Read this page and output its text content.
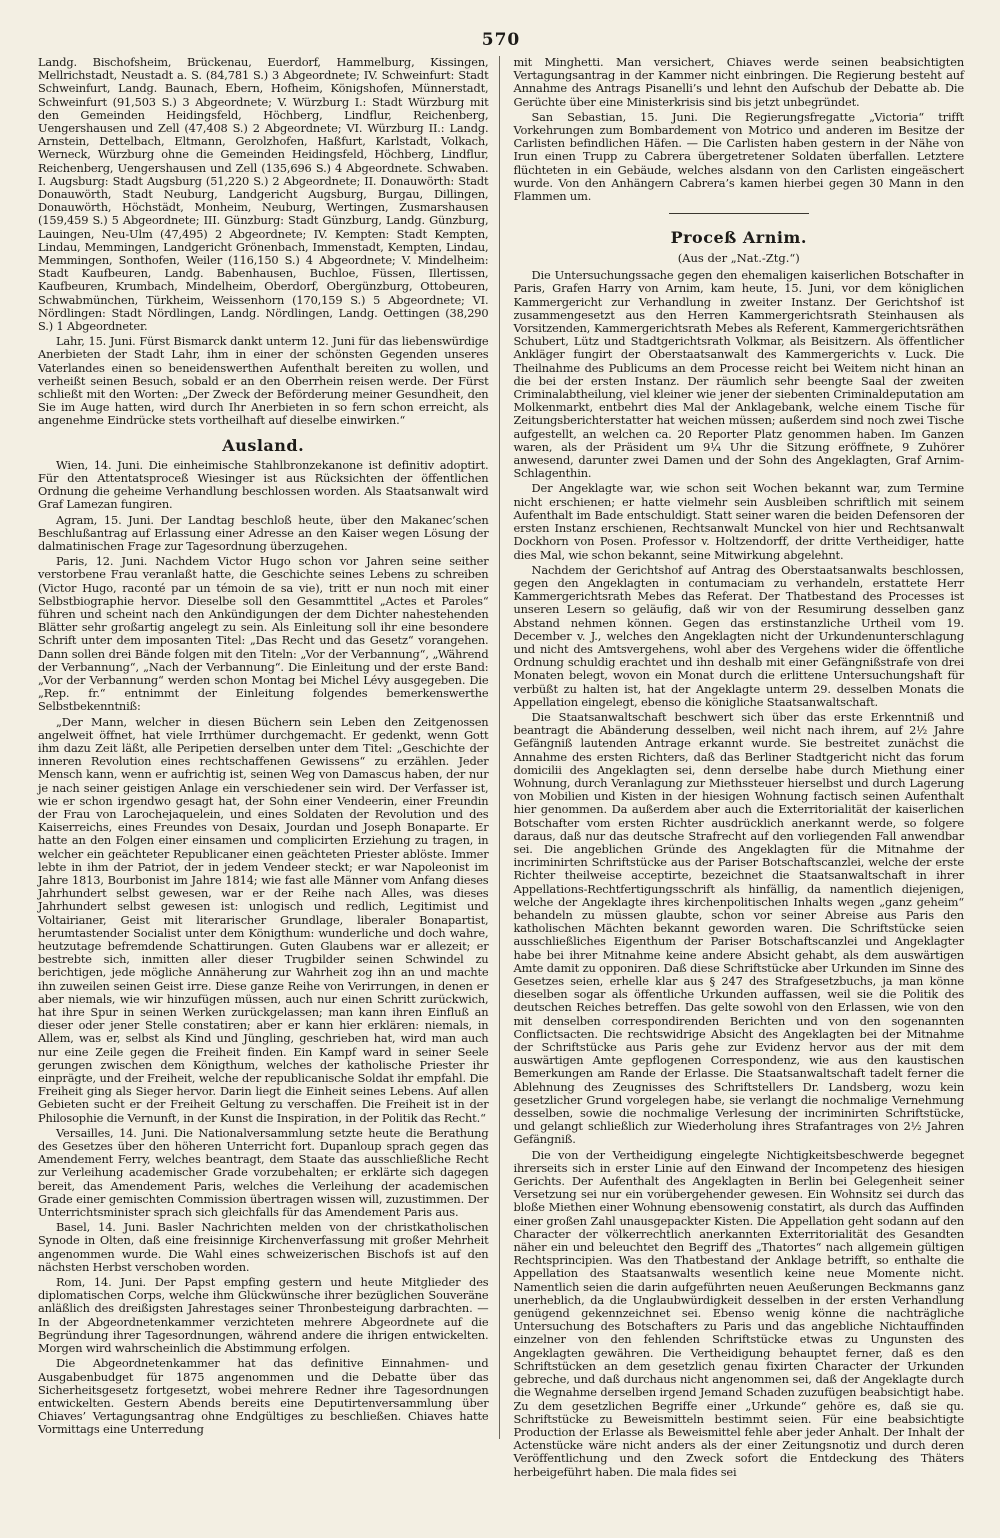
570

Landg. Bischofsheim, Brückenau, Euerdorf, Hammelburg, Kissingen, Mellrichstadt, Neustadt a. S. (84,781 S.) 3 Abgeordnete; IV. Schweinfurt: Stadt Schweinfurt, Landg. Baunach, Ebern, Hofheim, Königshofen, Münnerstadt, Schweinfurt (91,503 S.) 3 Abgeordnete; V. Würzburg I.: Stadt Würzburg mit den Gemeinden Heidingsfeld, Höchberg, Lindflur, Reichenberg, Uengershausen und Zell (47,408 S.) 2 Abgeordnete; VI. Würzburg II.: Landg. Arnstein, Dettelbach, Eltmann, Gerolzhofen, Haßfurt, Karlstadt, Volkach, Werneck, Würzburg ohne die Gemeinden Heidingsfeld, Höchberg, Lindflur, Reichenberg, Uengershausen und Zell (135,696 S.) 4 Abgeordnete. Schwaben. I. Augsburg: Stadt Augsburg (51,220 S.) 2 Abgeordnete; II. Donauwörth: Stadt Donauwörth, Stadt Neuburg, Landgericht Augsburg, Burgau, Dillingen, Donauwörth, Höchstädt, Monheim, Neuburg, Wertingen, Zusmarshausen (159,459 S.) 5 Abgeordnete; III. Günzburg: Stadt Günzburg, Landg. Günzburg, Lauingen, Neu-Ulm (47,495) 2 Abgeordnete; IV. Kempten: Stadt Kempten, Lindau, Memmingen, Landgericht Grönenbach, Immenstadt, Kempten, Lindau, Memmingen, Sonthofen, Weiler (116,150 S.) 4 Abgeordnete; V. Mindelheim: Stadt Kaufbeuren, Landg. Babenhausen, Buchloe, Füssen, Illertissen, Kaufbeuren, Krumbach, Mindelheim, Oberdorf, Obergünzburg, Ottobeuren, Schwabmünchen, Türkheim, Weissenhorn (170,159 S.) 5 Abgeordnete; VI. Nördlingen: Stadt Nördlingen, Landg. Nördlingen, Landg. Oettingen (38,290 S.) 1 Abgeordneter.

Lahr, 15. Juni. Fürst Bismarck dankt unterm 12. Juni für das liebenswürdige Anerbieten der Stadt Lahr, ihm in einer der schönsten Gegenden unseres Vaterlandes einen so beneidenswerthen Aufenthalt bereiten zu wollen, und verheißt seinen Besuch, sobald er an den Oberrhein reisen werde. Der Fürst schließt mit den Worten: „Der Zweck der Beförderung meiner Gesundheit, den Sie im Auge hatten, wird durch Ihr Anerbieten in so fern schon erreicht, als angenehme Eindrücke stets vortheilhaft auf dieselbe einwirken.“

Ausland.

Wien, 14. Juni. Die einheimische Stahlbronzekanone ist definitiv adoptirt. Für den Attentatsproceß Wiesinger ist aus Rücksichten der öffentlichen Ordnung die geheime Verhandlung beschlossen worden. Als Staatsanwalt wird Graf Lamezan fungiren.

Agram, 15. Juni. Der Landtag beschloß heute, über den Makanec’schen Beschlußantrag auf Erlassung einer Adresse an den Kaiser wegen Lösung der dalmatinischen Frage zur Tagesordnung überzugehen.

Paris, 12. Juni. Nachdem Victor Hugo schon vor Jahren seine seither verstorbene Frau veranlaßt hatte, die Geschichte seines Lebens zu schreiben (Victor Hugo, raconté par un témoin de sa vie), tritt er nun noch mit einer Selbstbiographie hervor. Dieselbe soll den Gesammttitel „Actes et Paroles“ führen und scheint nach den Ankündigungen der dem Dichter nahestehenden Blätter sehr großartig angelegt zu sein. Als Einleitung soll ihr eine besondere Schrift unter dem imposanten Titel: „Das Recht und das Gesetz“ vorangehen. Dann sollen drei Bände folgen mit den Titeln: „Vor der Verbannung“, „Während der Verbannung“, „Nach der Verbannung“. Die Einleitung und der erste Band: „Vor der Verbannung“ werden schon Montag bei Michel Lévy ausgegeben. Die „Rep. fr.“ entnimmt der Einleitung folgendes bemerkenswerthe Selbstbekenntniß:

„Der Mann, welcher in diesen Büchern sein Leben den Zeitgenossen angelweit öffnet, hat viele Irrthümer durchgemacht. Er gedenkt, wenn Gott ihm dazu Zeit läßt, alle Peripetien derselben unter dem Titel: „Geschichte der inneren Revolution eines rechtschaffenen Gewissens“ zu erzählen. Jeder Mensch kann, wenn er aufrichtig ist, seinen Weg von Damascus haben, der nur je nach seiner geistigen Anlage ein verschiedener sein wird. Der Verfasser ist, wie er schon irgendwo gesagt hat, der Sohn einer Vendeerin, einer Freundin der Frau von Larochejaquelein, und eines Soldaten der Revolution und des Kaiserreichs, eines Freundes von Desaix, Jourdan und Joseph Bonaparte. Er hatte an den Folgen einer einsamen und complicirten Erziehung zu tragen, in welcher ein geächteter Republicaner einen geächteten Priester ablöste. Immer lebte in ihm der Patriot, der in jedem Vendeer steckt; er war Napoleonist im Jahre 1813, Bourbonist im Jahre 1814; wie fast alle Männer vom Anfang dieses Jahrhundert selbst gewesen, war er der Reihe nach Alles, was dieses Jahrhundert selbst gewesen ist: unlogisch und redlich, Legitimist und Voltairianer, Geist mit literarischer Grundlage, liberaler Bonapartist, herumtastender Socialist unter dem Königthum: wunderliche und doch wahre, heutzutage befremdende Schattirungen. Guten Glaubens war er allezeit; er bestrebte sich, inmitten aller dieser Trugbilder seinen Schwindel zu berichtigen, jede mögliche Annäherung zur Wahrheit zog ihn an und machte ihn zuweilen seinen Geist irre. Diese ganze Reihe von Verirrungen, in denen er aber niemals, wie wir hinzufügen müssen, auch nur einen Schritt zurückwich, hat ihre Spur in seinen Werken zurückgelassen; man kann ihren Einfluß an dieser oder jener Stelle constatiren; aber er kann hier erklären: niemals, in Allem, was er, selbst als Kind und Jüngling, geschrieben hat, wird man auch nur eine Zeile gegen die Freiheit finden. Ein Kampf ward in seiner Seele gerungen zwischen dem Königthum, welches der katholische Priester ihr einprägte, und der Freiheit, welche der republicanische Soldat ihr empfahl. Die Freiheit ging als Sieger hervor. Darin liegt die Einheit seines Lebens. Auf allen Gebieten sucht er der Freiheit Geltung zu verschaffen. Die Freiheit ist in der Philosophie die Vernunft, in der Kunst die Inspiration, in der Politik das Recht.“

Versailles, 14. Juni. Die Nationalversammlung setzte heute die Berathung des Gesetzes über den höheren Unterricht fort. Dupanloup sprach gegen das Amendement Ferry, welches beantragt, dem Staate das ausschließliche Recht zur Verleihung academischer Grade vorzubehalten; er erklärte sich dagegen bereit, das Amendement Paris, welches die Verleihung der academischen Grade einer gemischten Commission übertragen wissen will, zuzustimmen. Der Unterrichtsminister sprach sich gleichfalls für das Amendement Paris aus.

Basel, 14. Juni. Basler Nachrichten melden von der christkatholischen Synode in Olten, daß eine freisinnige Kirchenverfassung mit großer Mehrheit angenommen wurde. Die Wahl eines schweizerischen Bischofs ist auf den nächsten Herbst verschoben worden.

Rom, 14. Juni. Der Papst empfing gestern und heute Mitglieder des diplomatischen Corps, welche ihm Glückwünsche ihrer bezüglichen Souveräne anläßlich des dreißigsten Jahrestages seiner Thronbesteigung darbrachten. — In der Abgeordnetenkammer verzichteten mehrere Abgeordnete auf die Begründung ihrer Tagesordnungen, während andere die ihrigen entwickelten. Morgen wird wahrscheinlich die Abstimmung erfolgen.

Die Abgeordnetenkammer hat das definitive Einnahmen- und Ausgabenbudget für 1875 angenommen und die Debatte über das Sicherheitsgesetz fortgesetzt, wobei mehrere Redner ihre Tagesordnungen entwickelten. Gestern Abends bereits eine Deputirtenversammlung über Chiaves’ Vertagungsantrag ohne Endgültiges zu beschließen. Chiaves hatte Vormittags eine Unterredung

mit Minghetti. Man versichert, Chiaves werde seinen beabsichtigten Vertagungsantrag in der Kammer nicht einbringen. Die Regierung besteht auf Annahme des Antrags Pisanelli’s und lehnt den Aufschub der Debatte ab. Die Gerüchte über eine Ministerkrisis sind bis jetzt unbegründet.

San Sebastian, 15. Juni. Die Regierungsfregatte „Victoria“ trifft Vorkehrungen zum Bombardement von Motrico und anderen im Besitze der Carlisten befindlichen Häfen. — Die Carlisten haben gestern in der Nähe von Irun einen Trupp zu Cabrera übergetretener Soldaten überfallen. Letztere flüchteten in ein Gebäude, welches alsdann von den Carlisten eingeäschert wurde. Von den Anhängern Cabrera’s kamen hierbei gegen 30 Mann in den Flammen um.

Proceß Arnim.
(Aus der „Nat.-Ztg.“)

Die Untersuchungssache gegen den ehemaligen kaiserlichen Botschafter in Paris, Grafen Harry von Arnim, kam heute, 15. Juni, vor dem königlichen Kammergericht zur Verhandlung in zweiter Instanz. Der Gerichtshof ist zusammengesetzt aus den Herren Kammergerichtsrath Steinhausen als Vorsitzenden, Kammergerichtsrath Mebes als Referent, Kammergerichtsräthen Schubert, Lütz und Stadtgerichtsrath Volkmar, als Beisitzern. Als öffentlicher Ankläger fungirt der Oberstaatsanwalt des Kammergerichts v. Luck. Die Theilnahme des Publicums an dem Processe reicht bei Weitem nicht hinan an die bei der ersten Instanz. Der räumlich sehr beengte Saal der zweiten Criminalabtheilung, viel kleiner wie jener der siebenten Criminaldeputation am Molkenmarkt, entbehrt dies Mal der Anklagebank, welche einem Tische für Zeitungsberichterstatter hat weichen müssen; außerdem sind noch zwei Tische aufgestellt, an welchen ca. 20 Reporter Platz genommen haben. Im Ganzen waren, als der Präsident um 9¼ Uhr die Sitzung eröffnete, 9 Zuhörer anwesend, darunter zwei Damen und der Sohn des Angeklagten, Graf Arnim-Schlagenthin.

Der Angeklagte war, wie schon seit Wochen bekannt war, zum Termine nicht erschienen; er hatte vielmehr sein Ausbleiben schriftlich mit seinem Aufenthalt im Bade entschuldigt. Statt seiner waren die beiden Defensoren der ersten Instanz erschienen, Rechtsanwalt Munckel von hier und Rechtsanwalt Dockhorn von Posen. Professor v. Holtzendorff, der dritte Vertheidiger, hatte dies Mal, wie schon bekannt, seine Mitwirkung abgelehnt.

Nachdem der Gerichtshof auf Antrag des Oberstaatsanwalts beschlossen, gegen den Angeklagten in contumaciam zu verhandeln, erstattete Herr Kammergerichtsrath Mebes das Referat. Der Thatbestand des Processes ist unseren Lesern so geläufig, daß wir von der Resumirung desselben ganz Abstand nehmen können. Gegen das erstinstanzliche Urtheil vom 19. December v. J., welches den Angeklagten nicht der Urkundenunterschlagung und nicht des Amtsvergehens, wohl aber des Vergehens wider die öffentliche Ordnung schuldig erachtet und ihn deshalb mit einer Gefängnißstrafe von drei Monaten belegt, wovon ein Monat durch die erlittene Untersuchungshaft für verbüßt zu halten ist, hat der Angeklagte unterm 29. desselben Monats die Appellation eingelegt, ebenso die königliche Staatsanwaltschaft.

Die Staatsanwaltschaft beschwert sich über das erste Erkenntniß und beantragt die Abänderung desselben, weil nicht nach ihrem, auf 2½ Jahre Gefängniß lautenden Antrage erkannt wurde. Sie bestreitet zunächst die Annahme des ersten Richters, daß das Berliner Stadtgericht nicht das forum domicilii des Angeklagten sei, denn derselbe habe durch Miethung einer Wohnung, durch Veranlagung zur Miethssteuer hierselbst und durch Lagerung von Mobilien und Kisten in der hiesigen Wohnung factisch seinen Aufenthalt hier genommen. Da außerdem aber auch die Exterritorialität der kaiserlichen Botschafter vom ersten Richter ausdrücklich anerkannt werde, so folgere daraus, daß nur das deutsche Strafrecht auf den vorliegenden Fall anwendbar sei. Die angeblichen Gründe des Angeklagten für die Mitnahme der incriminirten Schriftstücke aus der Pariser Botschaftscanzlei, welche der erste Richter theilweise acceptirte, bezeichnet die Staatsanwaltschaft in ihrer Appellations-Rechtfertigungsschrift als hinfällig, da namentlich diejenigen, welche der Angeklagte ihres kirchenpolitischen Inhalts wegen „ganz geheim“ behandeln zu müssen glaubte, schon vor seiner Abreise aus Paris den katholischen Mächten bekannt geworden waren. Die Schriftstücke seien ausschließliches Eigenthum der Pariser Botschaftscanzlei und Angeklagter habe bei ihrer Mitnahme keine andere Absicht gehabt, als dem auswärtigen Amte damit zu opponiren. Daß diese Schriftstücke aber Urkunden im Sinne des Gesetzes seien, erhelle klar aus § 247 des Strafgesetzbuchs, ja man könne dieselben sogar als öffentliche Urkunden auffassen, weil sie die Politik des deutschen Reiches betreffen. Das gelte sowohl von den Erlassen, wie von den mit denselben correspondirenden Berichten und von den sogenannten Conflictsacten. Die rechtswidrige Absicht des Angeklagten bei der Mitnahme der Schriftstücke aus Paris gehe zur Evidenz hervor aus der mit dem auswärtigen Amte gepflogenen Correspondenz, wie aus den kaustischen Bemerkungen am Rande der Erlasse. Die Staatsanwaltschaft tadelt ferner die Ablehnung des Zeugnisses des Schriftstellers Dr. Landsberg, wozu kein gesetzlicher Grund vorgelegen habe, sie verlangt die nochmalige Vernehmung desselben, sowie die nochmalige Verlesung der incriminirten Schriftstücke, und gelangt schließlich zur Wiederholung ihres Strafantrages von 2½ Jahren Gefängniß.

Die von der Vertheidigung eingelegte Nichtigkeitsbeschwerde begegnet ihrerseits sich in erster Linie auf den Einwand der Incompetenz des hiesigen Gerichts. Der Aufenthalt des Angeklagten in Berlin bei Gelegenheit seiner Versetzung sei nur ein vorübergehender gewesen. Ein Wohnsitz sei durch das bloße Miethen einer Wohnung ebensowenig constatirt, als durch das Auffinden einer großen Zahl unausgepackter Kisten. Die Appellation geht sodann auf den Character der völkerrechtlich anerkannten Exterritorialität des Gesandten näher ein und beleuchtet den Begriff des „Thatortes“ nach allgemein gültigen Rechtsprincipien. Was den Thatbestand der Anklage betrifft, so enthalte die Appellation des Staatsanwalts wesentlich keine neue Momente nicht. Namentlich seien die darin aufgeführten neuen Aeußerungen Beckmanns ganz unerheblich, da die Unglaubwürdigkeit desselben in der ersten Verhandlung genügend gekennzeichnet sei. Ebenso wenig könne die nachträgliche Untersuchung des Botschafters zu Paris und das angebliche Nichtauffinden einzelner von den fehlenden Schriftstücke etwas zu Ungunsten des Angeklagten gewähren. Die Vertheidigung behauptet ferner, daß es den Schriftstücken an dem gesetzlich genau fixirten Character der Urkunden gebreche, und daß durchaus nicht angenommen sei, daß der Angeklagte durch die Wegnahme derselben irgend Jemand Schaden zuzufügen beabsichtigt habe. Zu dem gesetzlichen Begriffe einer „Urkunde“ gehöre es, daß sie qu. Schriftstücke zu Beweismitteln bestimmt seien. Für eine beabsichtigte Production der Erlasse als Beweismittel fehle aber jeder Anhalt. Der Inhalt der Actenstücke wäre nicht anders als der einer Zeitungsnotiz und durch deren Veröffentlichung und den Zweck sofort die Entdeckung des Thäters herbeigeführt haben. Die mala fides sei
